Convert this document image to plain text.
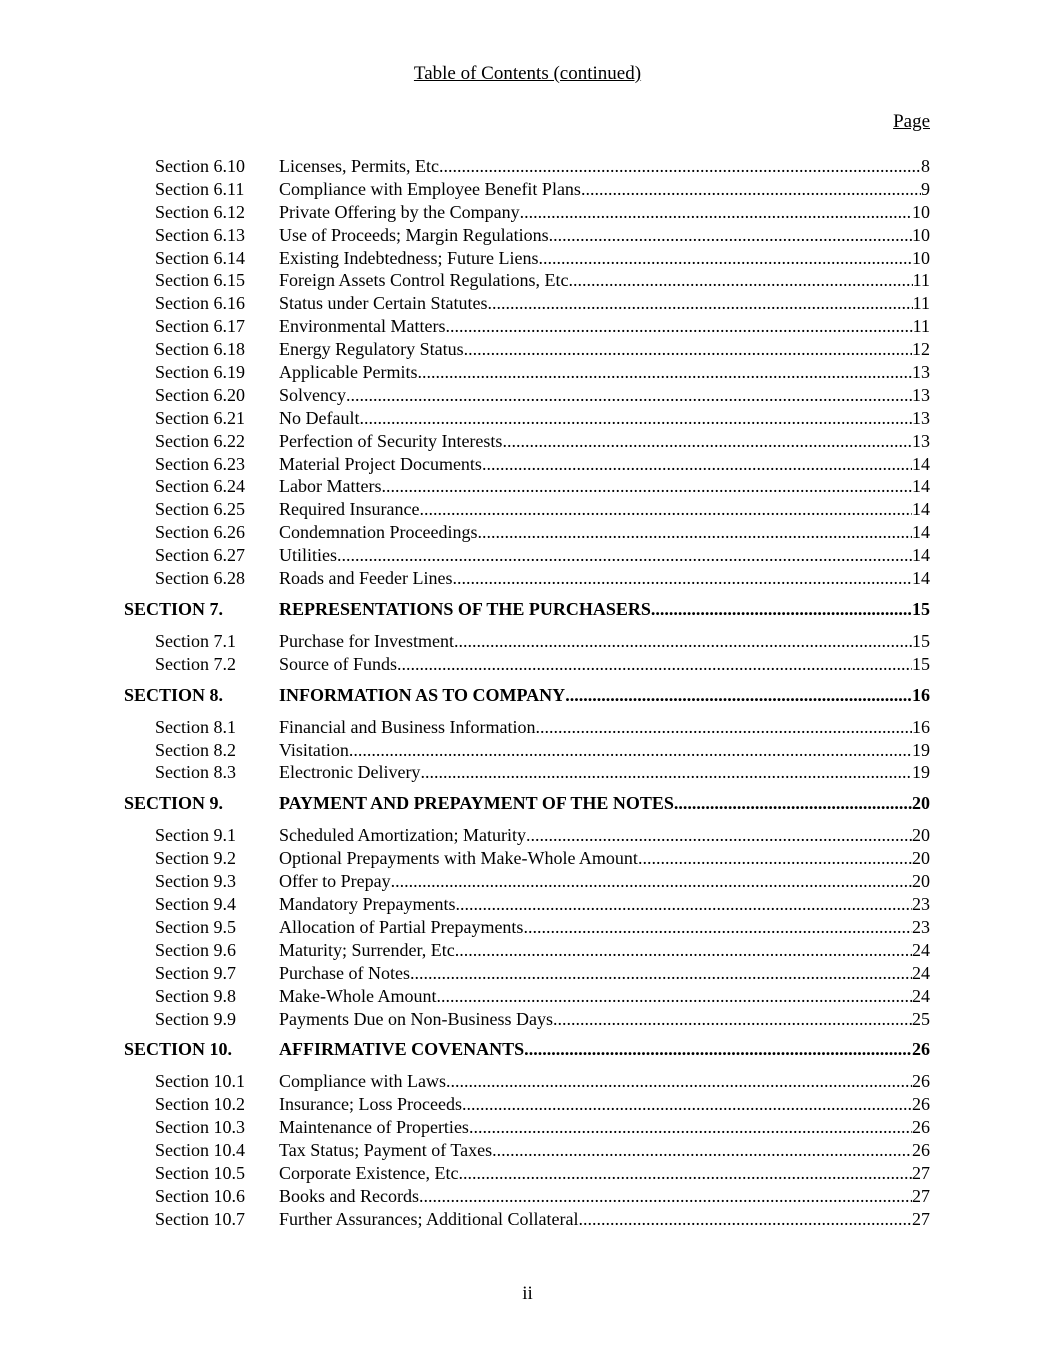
Table of Contents (continued)
Page
Section 6.10	Licenses, Permits, Etc .....	8
Section 6.11	Compliance with Employee Benefit Plans .....	9
Section 6.12	Private Offering by the Company .....	10
Section 6.13	Use of Proceeds; Margin Regulations .....	10
Section 6.14	Existing Indebtedness; Future Liens .....	10
Section 6.15	Foreign Assets Control Regulations, Etc .....	11
Section 6.16	Status under Certain Statutes .....	11
Section 6.17	Environmental Matters .....	11
Section 6.18	Energy Regulatory Status .....	12
Section 6.19	Applicable Permits .....	13
Section 6.20	Solvency .....	13
Section 6.21	No Default .....	13
Section 6.22	Perfection of Security Interests .....	13
Section 6.23	Material Project Documents .....	14
Section 6.24	Labor Matters .....	14
Section 6.25	Required Insurance .....	14
Section 6.26	Condemnation Proceedings .....	14
Section 6.27	Utilities .....	14
Section 6.28	Roads and Feeder Lines .....	14
SECTION 7.	REPRESENTATIONS OF THE PURCHASERS .....	15
Section 7.1	Purchase for Investment .....	15
Section 7.2	Source of Funds .....	15
SECTION 8.	INFORMATION AS TO COMPANY .....	16
Section 8.1	Financial and Business Information .....	16
Section 8.2	Visitation .....	19
Section 8.3	Electronic Delivery .....	19
SECTION 9.	PAYMENT AND PREPAYMENT OF THE NOTES. .....	20
Section 9.1	Scheduled Amortization; Maturity .....	20
Section 9.2	Optional Prepayments with Make-Whole Amount .....	20
Section 9.3	Offer to Prepay .....	20
Section 9.4	Mandatory Prepayments .....	23
Section 9.5	Allocation of Partial Prepayments .....	23
Section 9.6	Maturity; Surrender, Etc .....	24
Section 9.7	Purchase of Notes .....	24
Section 9.8	Make-Whole Amount .....	24
Section 9.9	Payments Due on Non-Business Days .....	25
SECTION 10.	AFFIRMATIVE COVENANTS. .....	26
Section 10.1	Compliance with Laws .....	26
Section 10.2	Insurance; Loss Proceeds .....	26
Section 10.3	Maintenance of Properties .....	26
Section 10.4	Tax Status; Payment of Taxes .....	26
Section 10.5	Corporate Existence, Etc .....	27
Section 10.6	Books and Records .....	27
Section 10.7	Further Assurances; Additional Collateral .....	27
ii
